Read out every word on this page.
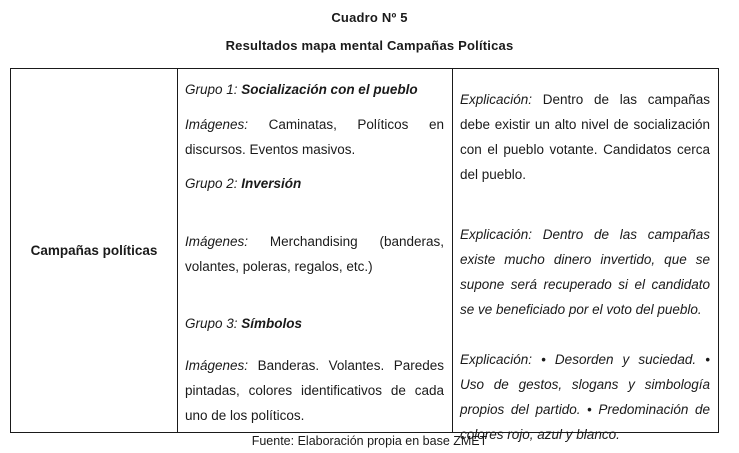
Cuadro Nº 5
Resultados mapa mental Campañas Políticas
Campañas políticas

Grupo 1: Socialización con el pueblo

Imágenes: Caminatas, Políticos en discursos. Eventos masivos.

Grupo 2: Inversión

Imágenes: Merchandising (banderas, volantes, poleras, regalos, etc.)

Grupo 3: Símbolos

Imágenes: Banderas. Volantes. Paredes pintadas, colores identificativos de cada uno de los políticos.

Explicación: Dentro de las campañas debe existir un alto nivel de socialización con el pueblo votante. Candidatos cerca del pueblo.

Explicación: Dentro de las campañas existe mucho dinero invertido, que se supone será recuperado si el candidato se ve beneficiado por el voto del pueblo.

Explicación: • Desorden y suciedad. • Uso de gestos, slogans y simbología propios del partido. • Predominación de colores rojo, azul y blanco.

Fuente: Elaboración propia en base ZMET
